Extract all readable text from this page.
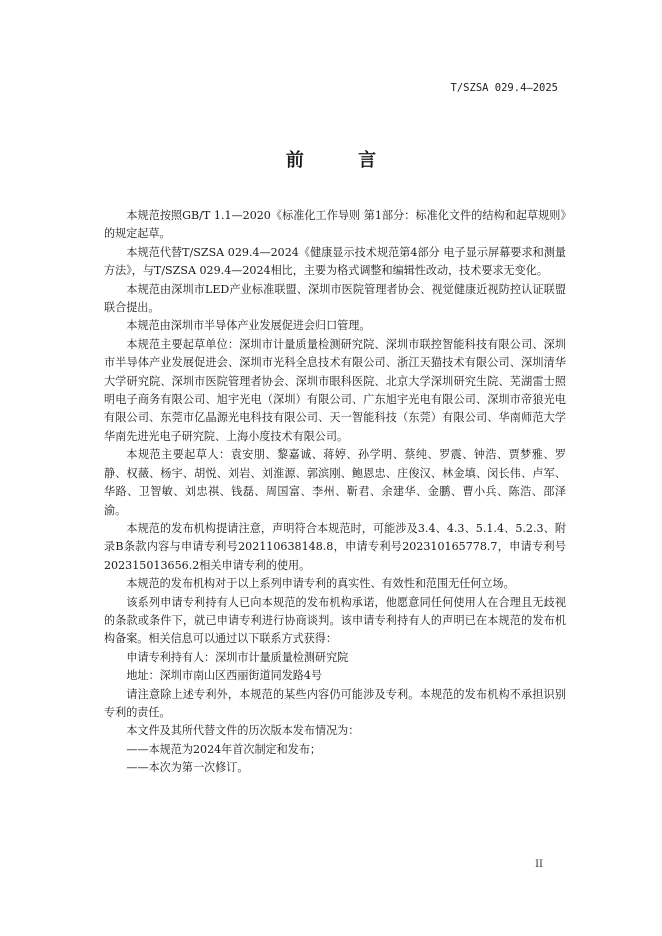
T/SZSA 029.4—2025
前 言

本规范按照GB/T 1.1—2020《标准化工作导则 第1部分：标准化文件的结构和起草规则》的规定起草。

本规范代替T/SZSA 029.4—2024《健康显示技术规范第4部分 电子显示屏幕要求和测量方法》，与T/SZSA 029.4—2024相比，主要为格式调整和编辑性改动，技术要求无变化。

本规范由深圳市LED产业标准联盟、深圳市医院管理者协会、视觉健康近视防控认证联盟联合提出。

本规范由深圳市半导体产业发展促进会归口管理。

本规范主要起草单位：深圳市计量质量检测研究院、深圳市联控智能科技有限公司、深圳市半导体产业发展促进会、深圳市光科全息技术有限公司、浙江天猫技术有限公司、深圳清华大学研究院、深圳市医院管理者协会、深圳市眼科医院、北京大学深圳研究生院、芜湖雷士照明电子商务有限公司、旭宇光电（深圳）有限公司、广东旭宇光电有限公司、深圳市帝狼光电有限公司、东莞市亿晶源光电科技有限公司、天一智能科技（东莞）有限公司、华南师范大学华南先进光电子研究院、上海小度技术有限公司。

本规范主要起草人：袁安朋、黎嘉诚、蒋婷、孙学明、蔡纯、罗震、钟浩、贾梦雅、罗静、权薇、杨宇、胡悦、刘岩、刘淮源、郭滨刚、鲍恩忠、庄俊汉、林金填、闵长伟、卢军、华路、卫智敏、刘忠祺、钱磊、周国富、李州、靳君、余建华、金鹏、曹小兵、陈浩、邵泽渝。

本规范的发布机构提请注意，声明符合本规范时，可能涉及3.4、4.3、5.1.4、5.2.3、附录B条款内容与申请专利号202110638148.8，申请专利号202310165778.7，申请专利号202315013656.2相关申请专利的使用。

本规范的发布机构对于以上系列申请专利的真实性、有效性和范围无任何立场。

该系列申请专利持有人已向本规范的发布机构承诺，他愿意同任何使用人在合理且无歧视的条款或条件下，就已申请专利进行协商谈判。该申请专利持有人的声明已在本规范的发布机构备案。相关信息可以通过以下联系方式获得：

申请专利持有人：深圳市计量质量检测研究院

地址：深圳市南山区西丽街道同发路4号

请注意除上述专利外，本规范的某些内容仍可能涉及专利。本规范的发布机构不承担识别专利的责任。

本文件及其所代替文件的历次版本发布情况为：

——本规范为2024年首次制定和发布；

——本次为第一次修订。

II
